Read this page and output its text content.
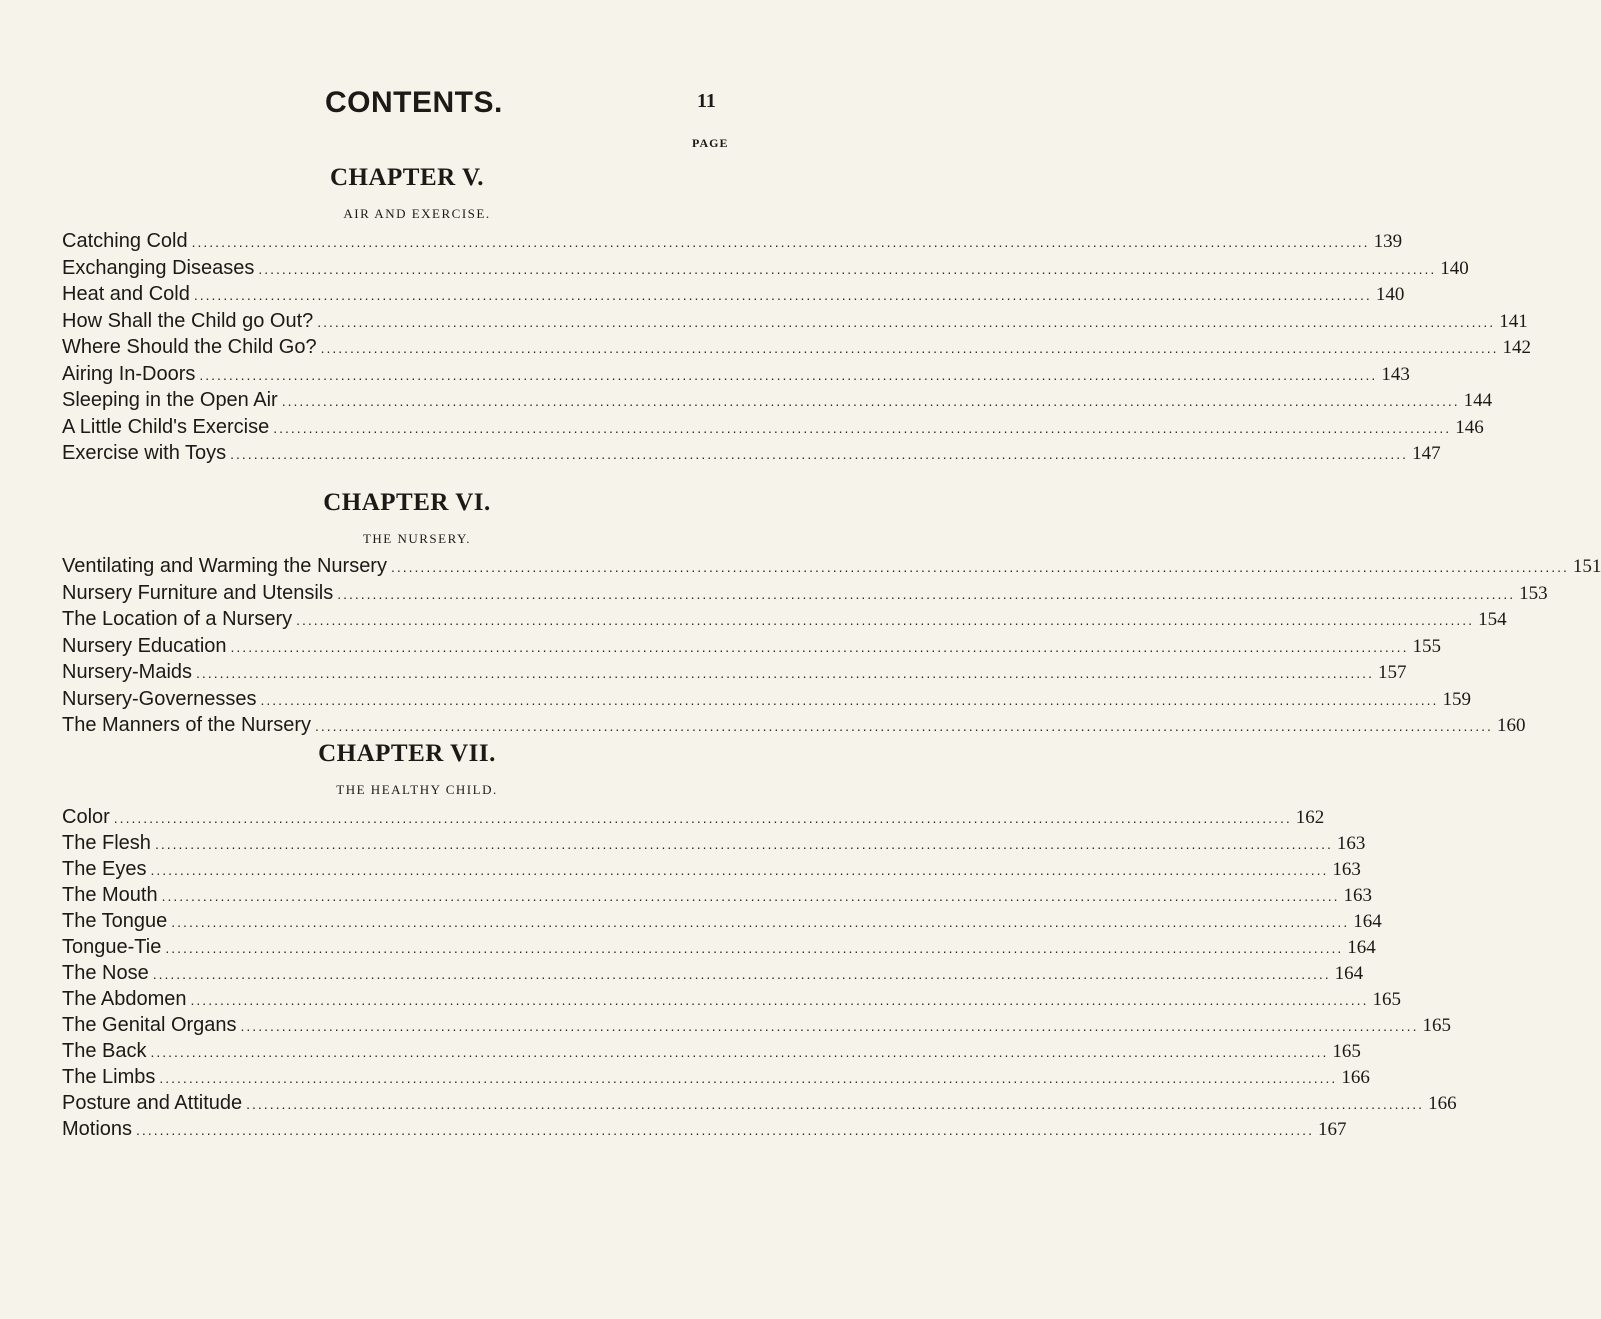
CONTENTS.	11
PAGE
CHAPTER V.
AIR AND EXERCISE.
Catching Cold ........................................................................................................................................................................................................ 139
Exchanging Diseases ........................................................................................................................................................................................................ 140
Heat and Cold ........................................................................................................................................................................................................ 140
How Shall the Child go Out? ........................................................................................................................................................................................................ 141
Where Should the Child Go? ........................................................................................................................................................................................................ 142
Airing In-Doors ........................................................................................................................................................................................................ 143
Sleeping in the Open Air ........................................................................................................................................................................................................ 144
A Little Child's Exercise ........................................................................................................................................................................................................ 146
Exercise with Toys ........................................................................................................................................................................................................ 147
CHAPTER VI.
THE NURSERY.
Ventilating and Warming the Nursery ........................................................................................................................................................................................................ 151
Nursery Furniture and Utensils ........................................................................................................................................................................................................ 153
The Location of a Nursery ........................................................................................................................................................................................................ 154
Nursery Education ........................................................................................................................................................................................................ 155
Nursery-Maids ........................................................................................................................................................................................................ 157
Nursery-Governesses ........................................................................................................................................................................................................ 159
The Manners of the Nursery ........................................................................................................................................................................................................ 160
CHAPTER VII.
THE HEALTHY CHILD.
Color ........................................................................................................................................................................................................ 162
The Flesh ........................................................................................................................................................................................................ 163
The Eyes ........................................................................................................................................................................................................ 163
The Mouth ........................................................................................................................................................................................................ 163
The Tongue ........................................................................................................................................................................................................ 164
Tongue-Tie ........................................................................................................................................................................................................ 164
The Nose ........................................................................................................................................................................................................ 164
The Abdomen ........................................................................................................................................................................................................ 165
The Genital Organs ........................................................................................................................................................................................................ 165
The Back ........................................................................................................................................................................................................ 165
The Limbs ........................................................................................................................................................................................................ 166
Posture and Attitude ........................................................................................................................................................................................................ 166
Motions ........................................................................................................................................................................................................ 167
